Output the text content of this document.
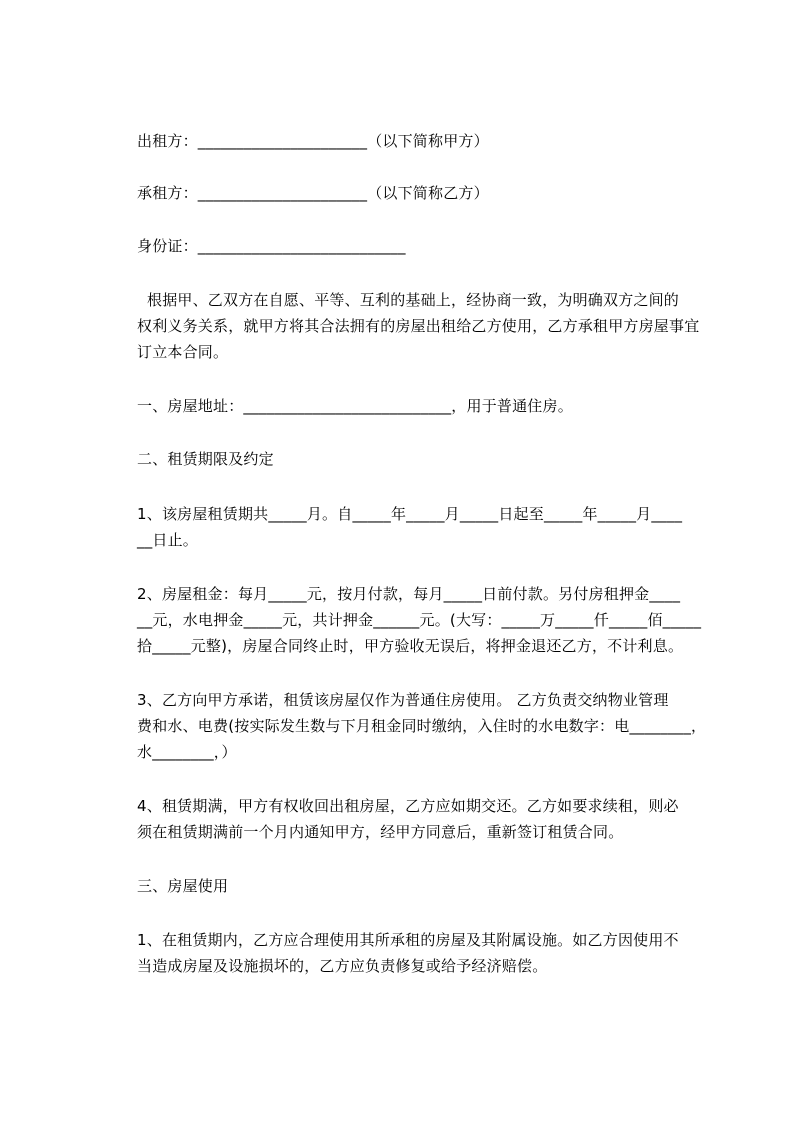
出租方：______________________（以下简称甲方）
承租方：______________________（以下简称乙方）
身份证：___________________________
根据甲、乙双方在自愿、平等、互利的基础上，经协商一致，为明确双方之间的
权利义务关系，就甲方将其合法拥有的房屋出租给乙方使用，乙方承租甲方房屋事宜
订立本合同。
一、房屋地址：___________________________，用于普通住房。
二、租赁期限及约定
1、该房屋租赁期共_____月。自_____年_____月_____日起至_____年_____月____
__日止。
2、房屋租金：每月_____元，按月付款，每月_____日前付款。另付房租押金____
__元，水电押金_____元，共计押金______元。(大写：_____万_____仟_____佰_____
拾_____元整)，房屋合同终止时，甲方验收无误后，将押金退还乙方，不计利息。
3、乙方向甲方承诺，租赁该房屋仅作为普通住房使用。 乙方负责交纳物业管理
费和水、电费(按实际发生数与下月租金同时缴纳，入住时的水电数字：电________，
水________，）
4、租赁期满，甲方有权收回出租房屋，乙方应如期交还。乙方如要求续租，则必
须在租赁期满前一个月内通知甲方，经甲方同意后，重新签订租赁合同。
三、房屋使用
1、在租赁期内，乙方应合理使用其所承租的房屋及其附属设施。如乙方因使用不
当造成房屋及设施损坏的，乙方应负责修复或给予经济赔偿。
